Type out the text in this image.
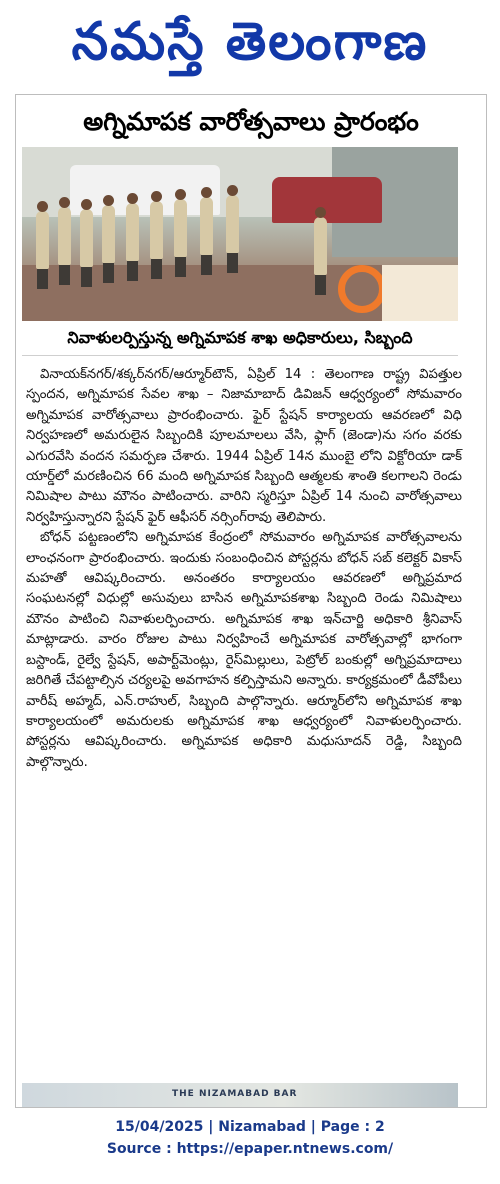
నమస్తే తెలంగాణ
అగ్నిమాపక వారోత్సవాలు ప్రారంభం
నివాళులర్పిస్తున్న అగ్నిమాపక శాఖ అధికారులు, సిబ్బంది

వినాయక్‌నగర్/శక్కర్‌నగర్/ఆర్మూర్‌టౌన్, ఏప్రిల్ 14 : తెలంగాణ రాష్ట్ర విపత్తుల స్పందన, అగ్నిమాపక సేవల శాఖ – నిజామాబాద్ డివిజన్ ఆధ్వర్యంలో సోమవారం అగ్నిమాపక వారోత్సవాలు ప్రారంభించారు. ఫైర్ స్టేషన్ కార్యాలయ ఆవరణలో విధి నిర్వహణలో అమరులైన సిబ్బందికి పూలమాలలు వేసి, ఫ్లాగ్ (జెండా)ను సగం వరకు ఎగురవేసి వందన సమర్పణ చేశారు. 1944 ఏప్రిల్ 14న ముంబై లోని విక్టోరియా డాక్ యార్డ్‌లో మరణించిన 66 మంది అగ్నిమాపక సిబ్బంది ఆత్మలకు శాంతి కలగాలని రెండు నిమిషాల పాటు మౌనం పాటించారు. వారిని స్మరిస్తూ ఏప్రిల్ 14 నుంచి వారోత్సవాలు నిర్వహిస్తున్నారని స్టేషన్ ఫైర్ ఆఫీసర్ నర్సింగ్‌రావు తెలిపారు.

బోధన్ పట్టణంలోని అగ్నిమాపక కేంద్రంలో సోమవారం అగ్నిమాపక వారోత్సవాలను లాంఛనంగా ప్రారంభించారు. ఇందుకు సంబంధించిన పోస్టర్లను బోధన్ సబ్ కలెక్టర్ వికాస్ మహతో ఆవిష్కరించారు. అనంతరం కార్యాలయం ఆవరణలో అగ్నిప్రమాద సంఘటనల్లో విధుల్లో అసువులు బాసిన అగ్నిమాపకశాఖ సిబ్బంది రెండు నిమిషాలు మౌనం పాటించి నివాళులర్పించారు. అగ్నిమాపక శాఖ ఇన్‌చార్జి అధికారి శ్రీనివాస్ మాట్లాడారు. వారం రోజుల పాటు నిర్వహించే అగ్నిమాపక వారోత్సవాల్లో భాగంగా బస్టాండ్, రైల్వే స్టేషన్, అపార్ట్‌మెంట్లు, రైస్‌మిల్లులు, పెట్రోల్ బంకుల్లో అగ్నిప్రమాదాలు జరిగితే చేపట్టాల్సిన చర్యలపై అవగాహన కల్పిస్తామని అన్నారు. కార్యక్రమంలో డీవోపీలు వారీష్ అహ్మద్, ఎన్.రాహుల్, సిబ్బంది పాల్గొన్నారు. ఆర్మూర్‌లోని అగ్నిమాపక శాఖ కార్యాలయంలో అమరులకు అగ్నిమాపక శాఖ ఆధ్వర్యంలో నివాళులర్పించారు. పోస్టర్లను ఆవిష్కరించారు. అగ్నిమాపక అధికారి మధుసూదన్ రెడ్డి, సిబ్బంది పాల్గొన్నారు.

THE NIZAMABAD BAR
15/04/2025 | Nizamabad | Page : 2
Source : https://epaper.ntnews.com/
